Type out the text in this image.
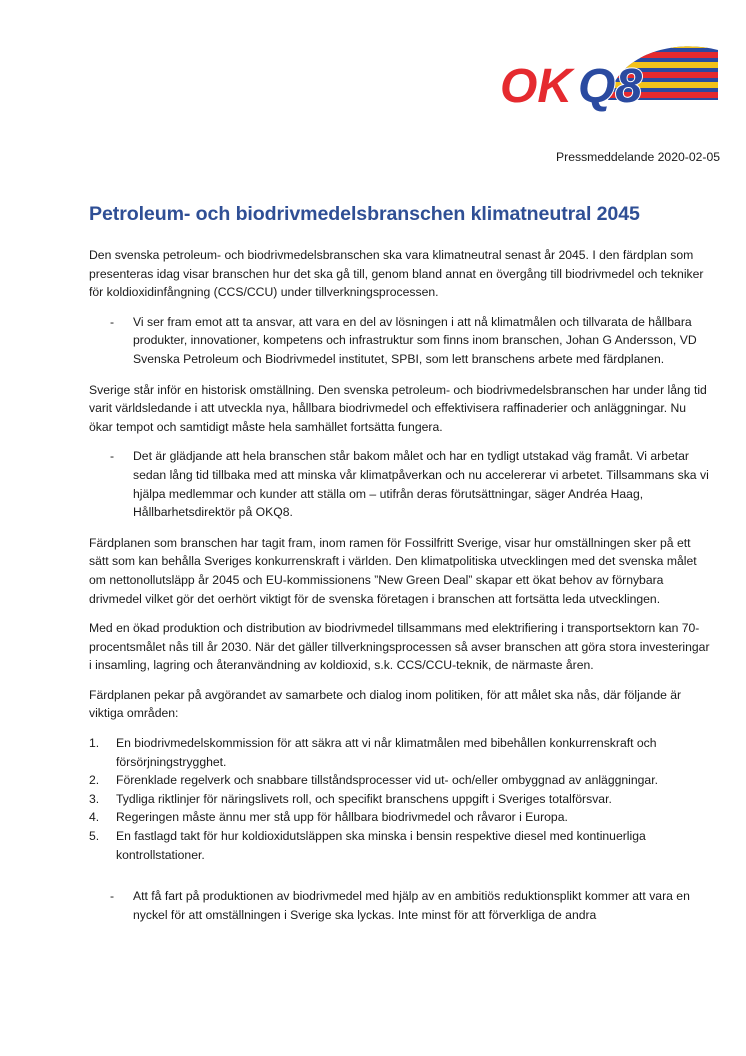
OK Q8
Pressmeddelande 2020-02-05
Petroleum- och biodrivmedelsbranschen klimatneutral 2045

Den svenska petroleum- och biodrivmedelsbranschen ska vara klimatneutral senast år 2045. I den färdplan som presenteras idag visar branschen hur det ska gå till, genom bland annat en övergång till biodrivmedel och tekniker för koldioxidinfångning (CCS/CCU) under tillverkningsprocessen.

- Vi ser fram emot att ta ansvar, att vara en del av lösningen i att nå klimatmålen och tillvarata de hållbara produkter, innovationer, kompetens och infrastruktur som finns inom branschen, Johan G Andersson, VD Svenska Petroleum och Biodrivmedel institutet, SPBI, som lett branschens arbete med färdplanen.

Sverige står inför en historisk omställning. Den svenska petroleum- och biodrivmedelsbranschen har under lång tid varit världsledande i att utveckla nya, hållbara biodrivmedel och effektivisera raffinaderier och anläggningar. Nu ökar tempot och samtidigt måste hela samhället fortsätta fungera.

- Det är glädjande att hela branschen står bakom målet och har en tydligt utstakad väg framåt. Vi arbetar sedan lång tid tillbaka med att minska vår klimatpåverkan och nu accelererar vi arbetet. Tillsammans ska vi hjälpa medlemmar och kunder att ställa om – utifrån deras förutsättningar, säger Andréa Haag, Hållbarhetsdirektör på OKQ8.

Färdplanen som branschen har tagit fram, inom ramen för Fossilfritt Sverige, visar hur omställningen sker på ett sätt som kan behålla Sveriges konkurrenskraft i världen. Den klimatpolitiska utvecklingen med det svenska målet om nettonollutsläpp år 2045 och EU-kommissionens ”New Green Deal” skapar ett ökat behov av förnybara drivmedel vilket gör det oerhört viktigt för de svenska företagen i branschen att fortsätta leda utvecklingen.

Med en ökad produktion och distribution av biodrivmedel tillsammans med elektrifiering i transportsektorn kan 70-procentsmålet nås till år 2030. När det gäller tillverkningsprocessen så avser branschen att göra stora investeringar i insamling, lagring och återanvändning av koldioxid, s.k. CCS/CCU-teknik, de närmaste åren.

Färdplanen pekar på avgörandet av samarbete och dialog inom politiken, för att målet ska nås, där följande är viktiga områden:

1. En biodrivmedelskommission för att säkra att vi når klimatmålen med bibehållen konkurrenskraft och försörjningstrygghet.
2. Förenklade regelverk och snabbare tillståndsprocesser vid ut- och/eller ombyggnad av anläggningar.
3. Tydliga riktlinjer för näringslivets roll, och specifikt branschens uppgift i Sveriges totalförsvar.
4. Regeringen måste ännu mer stå upp för hållbara biodrivmedel och råvaror i Europa.
5. En fastlagd takt för hur koldioxidutsläppen ska minska i bensin respektive diesel med kontinuerliga kontrollstationer.
- Att få fart på produktionen av biodrivmedel med hjälp av en ambitiös reduktionsplikt kommer att vara en nyckel för att omställningen i Sverige ska lyckas. Inte minst för att förverkliga de andra
